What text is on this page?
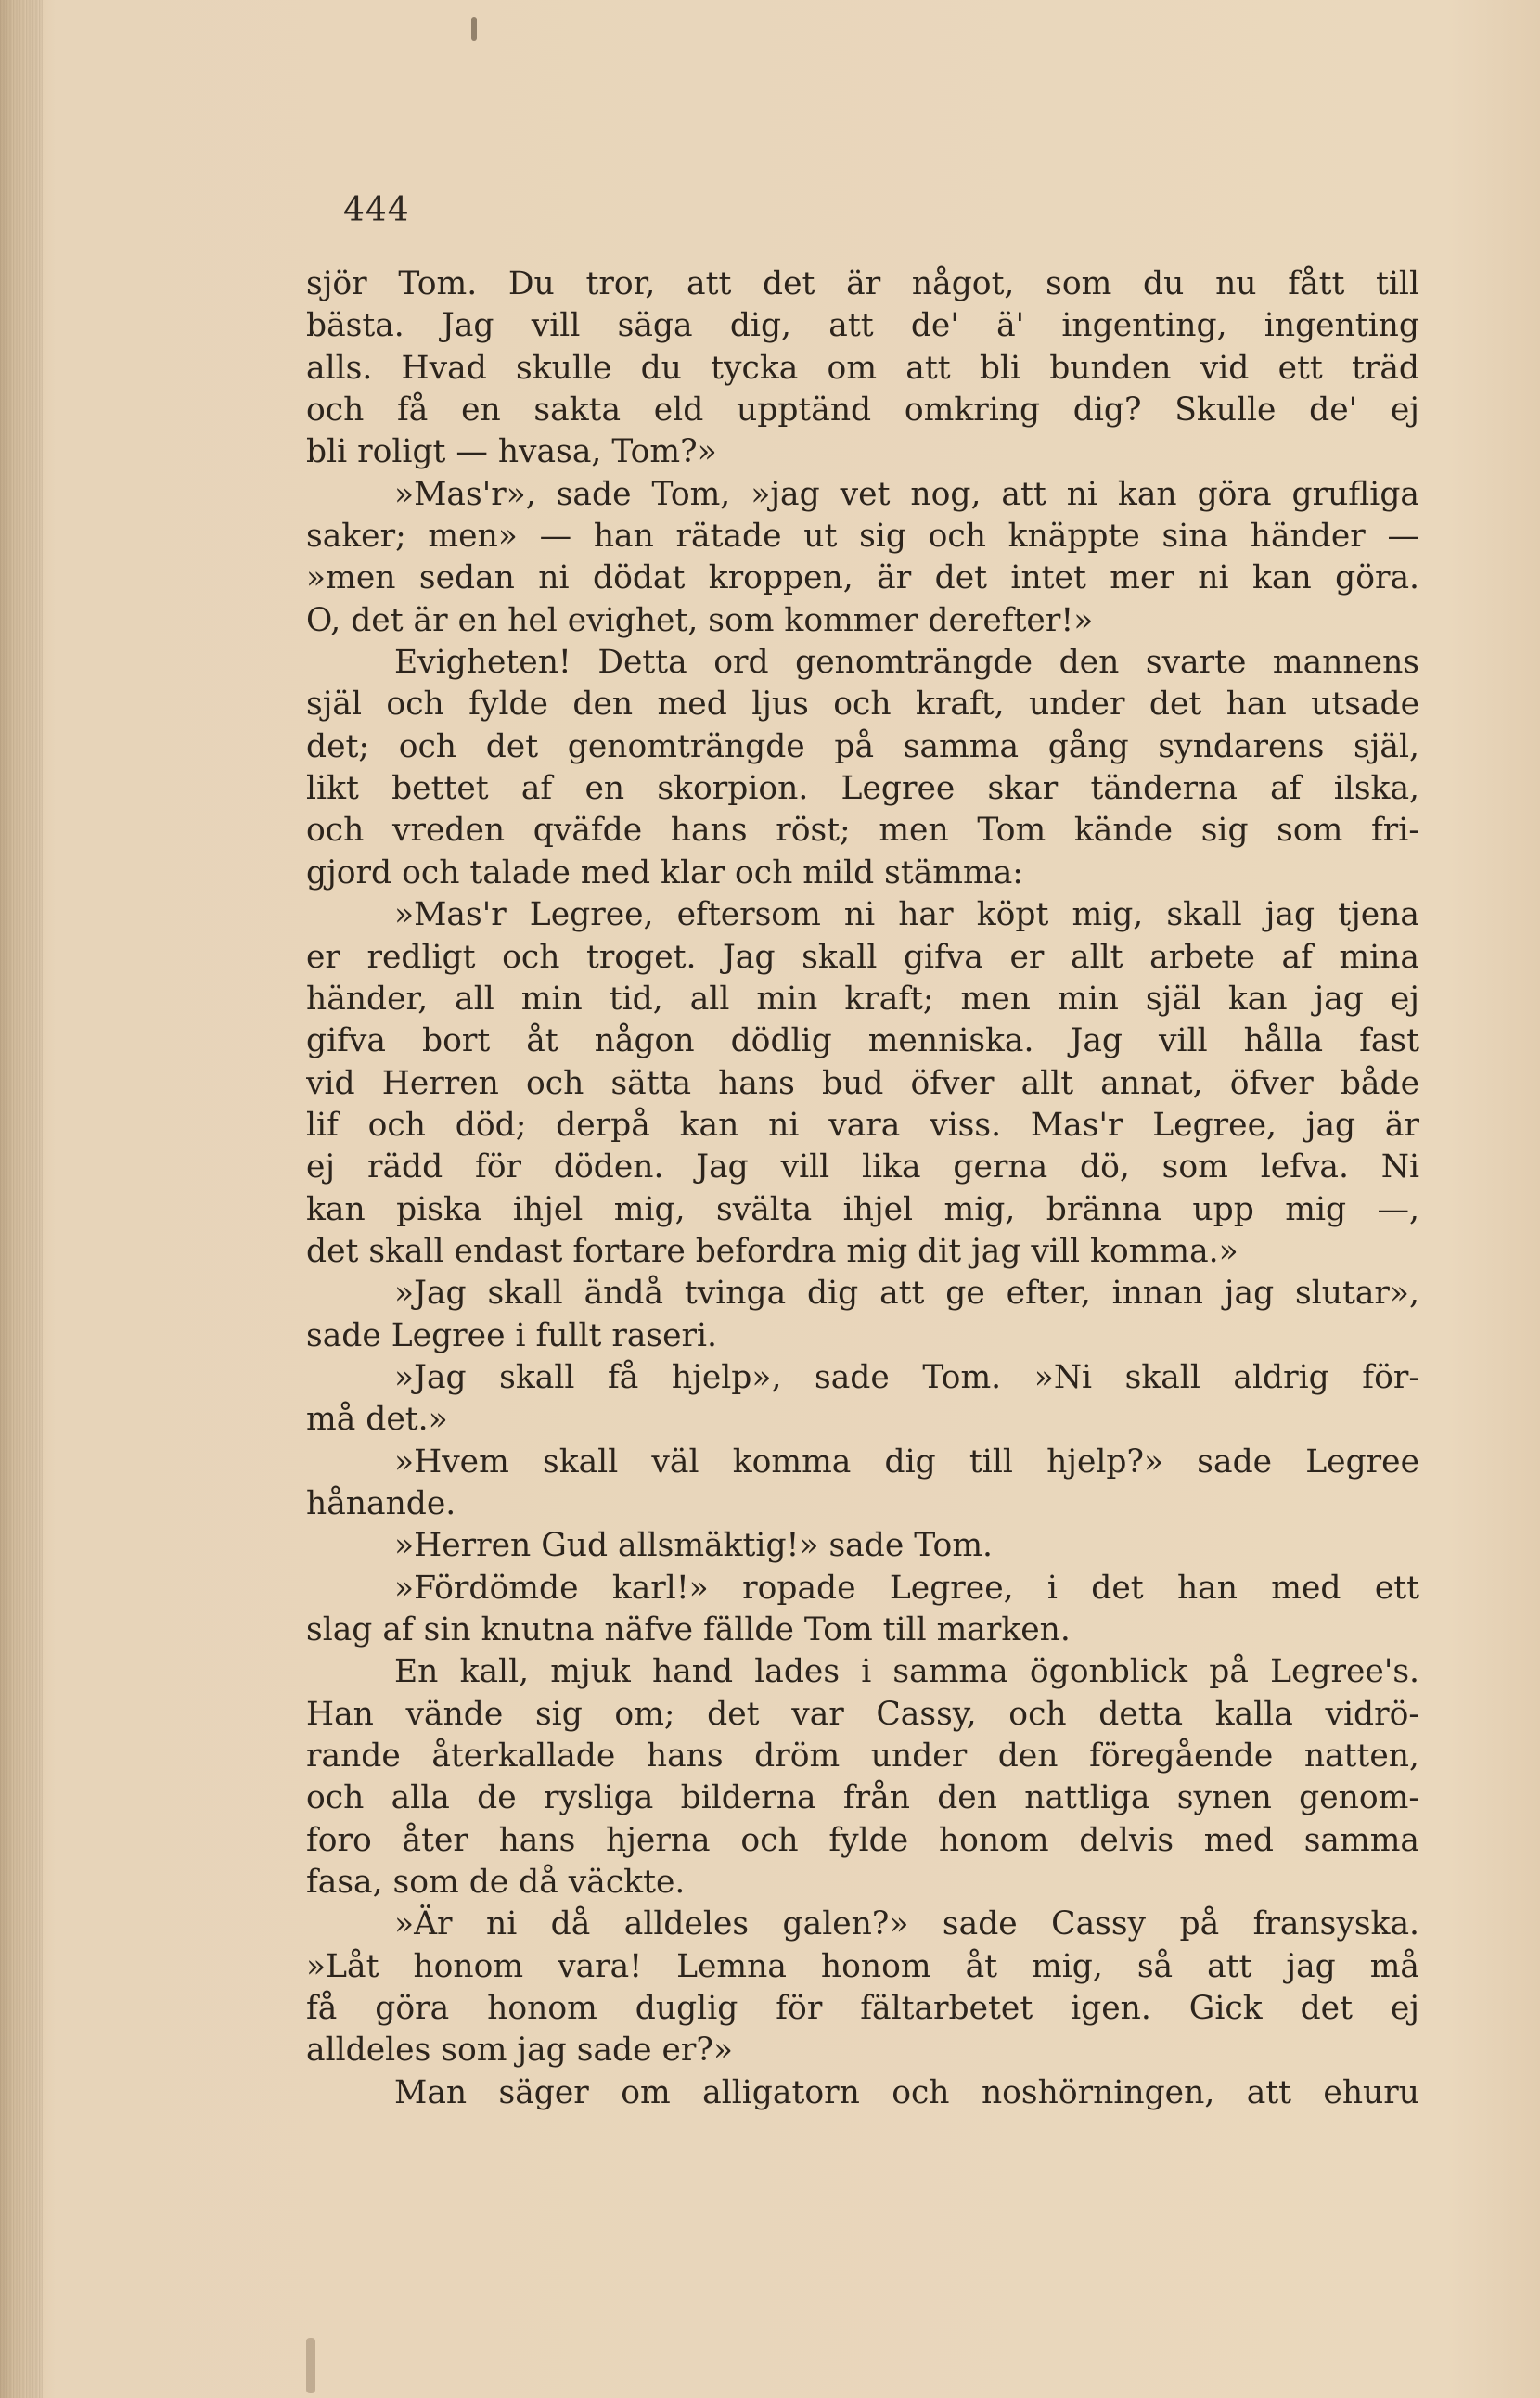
444
sjör Tom. Du tror, att det är något, som du nu fått till
bästa. Jag vill säga dig, att de' ä' ingenting, ingenting
alls. Hvad skulle du tycka om att bli bunden vid ett träd
och få en sakta eld upptänd omkring dig? Skulle de' ej
bli roligt — hvasa, Tom?»
»Mas'r», sade Tom, »jag vet nog, att ni kan göra grufliga
saker; men» — han rätade ut sig och knäppte sina händer —
»men sedan ni dödat kroppen, är det intet mer ni kan göra.
O, det är en hel evighet, som kommer derefter!»
Evigheten! Detta ord genomträngde den svarte mannens
själ och fylde den med ljus och kraft, under det han utsade
det; och det genomträngde på samma gång syndarens själ,
likt bettet af en skorpion. Legree skar tänderna af ilska,
och vreden qväfde hans röst; men Tom kände sig som fri-
gjord och talade med klar och mild stämma:
»Mas'r Legree, eftersom ni har köpt mig, skall jag tjena
er redligt och troget. Jag skall gifva er allt arbete af mina
händer, all min tid, all min kraft; men min själ kan jag ej
gifva bort åt någon dödlig menniska. Jag vill hålla fast
vid Herren och sätta hans bud öfver allt annat, öfver både
lif och död; derpå kan ni vara viss. Mas'r Legree, jag är
ej rädd för döden. Jag vill lika gerna dö, som lefva. Ni
kan piska ihjel mig, svälta ihjel mig, bränna upp mig —,
det skall endast fortare befordra mig dit jag vill komma.»
»Jag skall ändå tvinga dig att ge efter, innan jag slutar»,
sade Legree i fullt raseri.
»Jag skall få hjelp», sade Tom. »Ni skall aldrig för-
må det.»
»Hvem skall väl komma dig till hjelp?» sade Legree
hånande.
»Herren Gud allsmäktig!» sade Tom.
»Fördömde karl!» ropade Legree, i det han med ett
slag af sin knutna näfve fällde Tom till marken.
En kall, mjuk hand lades i samma ögonblick på Legree's.
Han vände sig om; det var Cassy, och detta kalla vidrö-
rande återkallade hans dröm under den föregående natten,
och alla de rysliga bilderna från den nattliga synen genom-
foro åter hans hjerna och fylde honom delvis med samma
fasa, som de då väckte.
»Är ni då alldeles galen?» sade Cassy på fransyska.
»Låt honom vara! Lemna honom åt mig, så att jag må
få göra honom duglig för fältarbetet igen. Gick det ej
alldeles som jag sade er?»
Man säger om alligatorn och noshörningen, att ehuru
